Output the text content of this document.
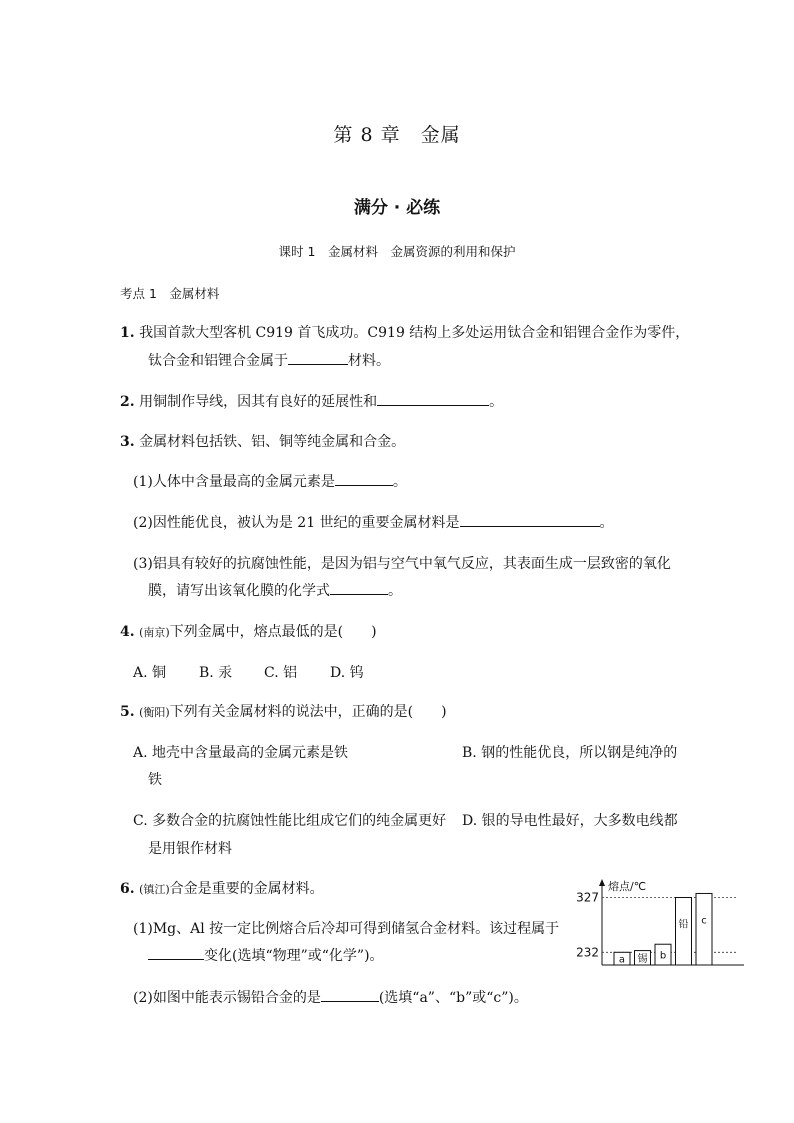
第 8 章　金属
满分 · 必练
课时 1　金属材料　金属资源的利用和保护
考点 1　金属材料
1. 我国首款大型客机 C919 首飞成功。C919 结构上多处运用钛合金和铝锂合金作为零件，
钛合金和铝锂合金属于	材料。
2. 用铜制作导线，因其有良好的延展性和	。
3. 金属材料包括铁、铝、铜等纯金属和合金。
(1)人体中含量最高的金属元素是	。
(2)因性能优良，被认为是 21 世纪的重要金属材料是	。
(3)铝具有较好的抗腐蚀性能，是因为铝与空气中氧气反应，其表面生成一层致密的氧化
膜，请写出该氧化膜的化学式	。
4. (南京)下列金属中，熔点最低的是(　　)
A. 铜 B. 汞 C. 铝 D. 钨
5. (衡阳)下列有关金属材料的说法中，正确的是(　　)
A. 地壳中含量最高的金属元素是铁	B. 钢的性能优良，所以钢是纯净的
铁
C. 多数合金的抗腐蚀性能比组成它们的纯金属更好 D. 银的导电性最好，大多数电线都
是用银作材料
6. (镇江)合金是重要的金属材料。
(1)Mg、Al 按一定比例熔合后冷却可得到储氢合金材料。该过程属于
变化(选填“物理”或“化学”)。
(2)如图中能表示锡铅合金的是	(选填“a”、“b”或“c”)。
熔点/℃
232
327
a 锡 b
铅 c
